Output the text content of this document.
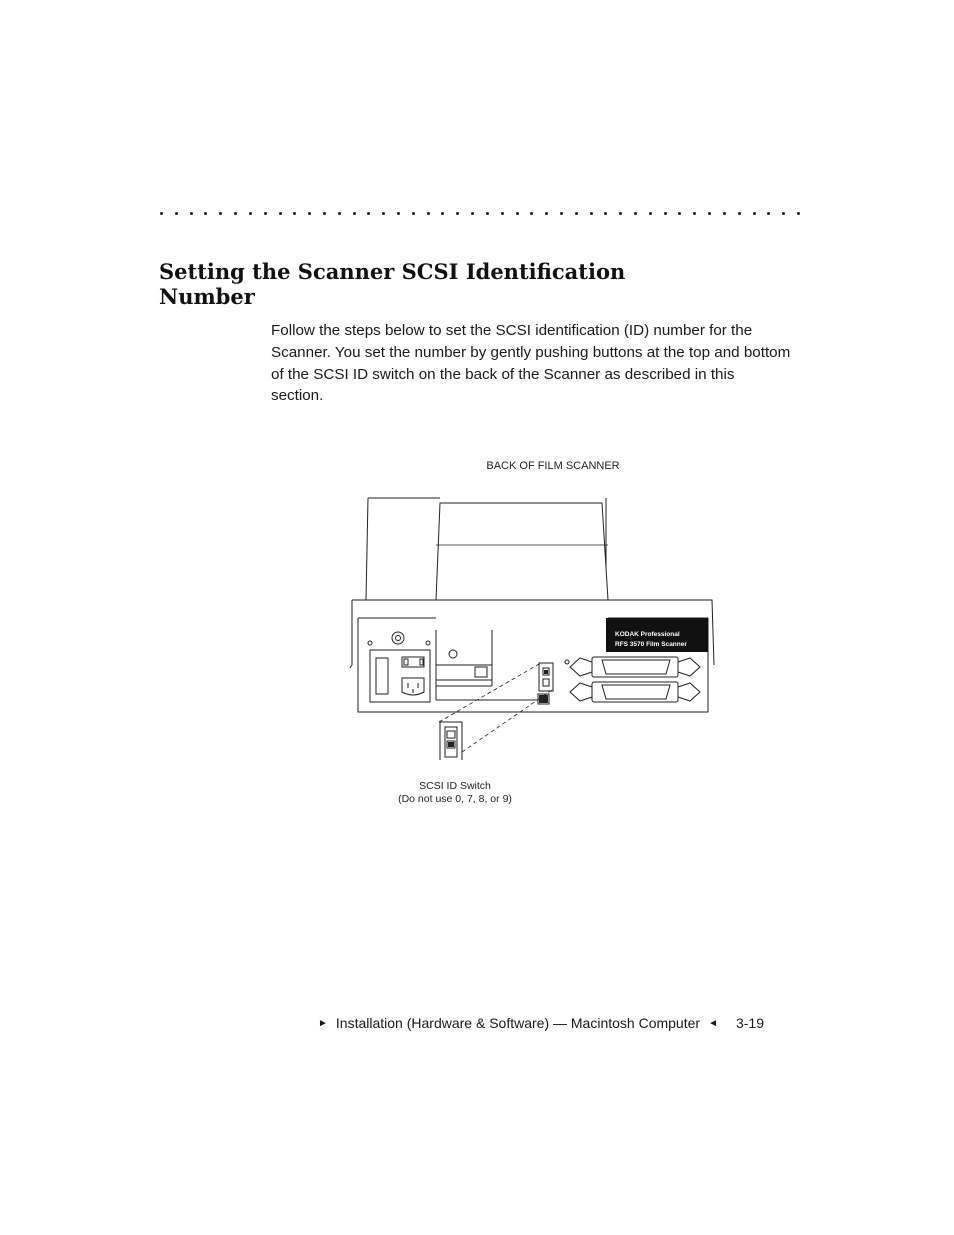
Setting the Scanner SCSI Identification Number

Follow the steps below to set the SCSI identification (ID) number for the Scanner. You set the number by gently pushing buttons at the top and bottom of the SCSI ID switch on the back of the Scanner as described in this section.

BACK OF FILM SCANNER
KODAK Professional
RFS 3570 Film Scanner
SCSI ID Switch
(Do not use 0, 7, 8, or 9)
► Installation (Hardware & Software) — Macintosh Computer ◄ 3-19
